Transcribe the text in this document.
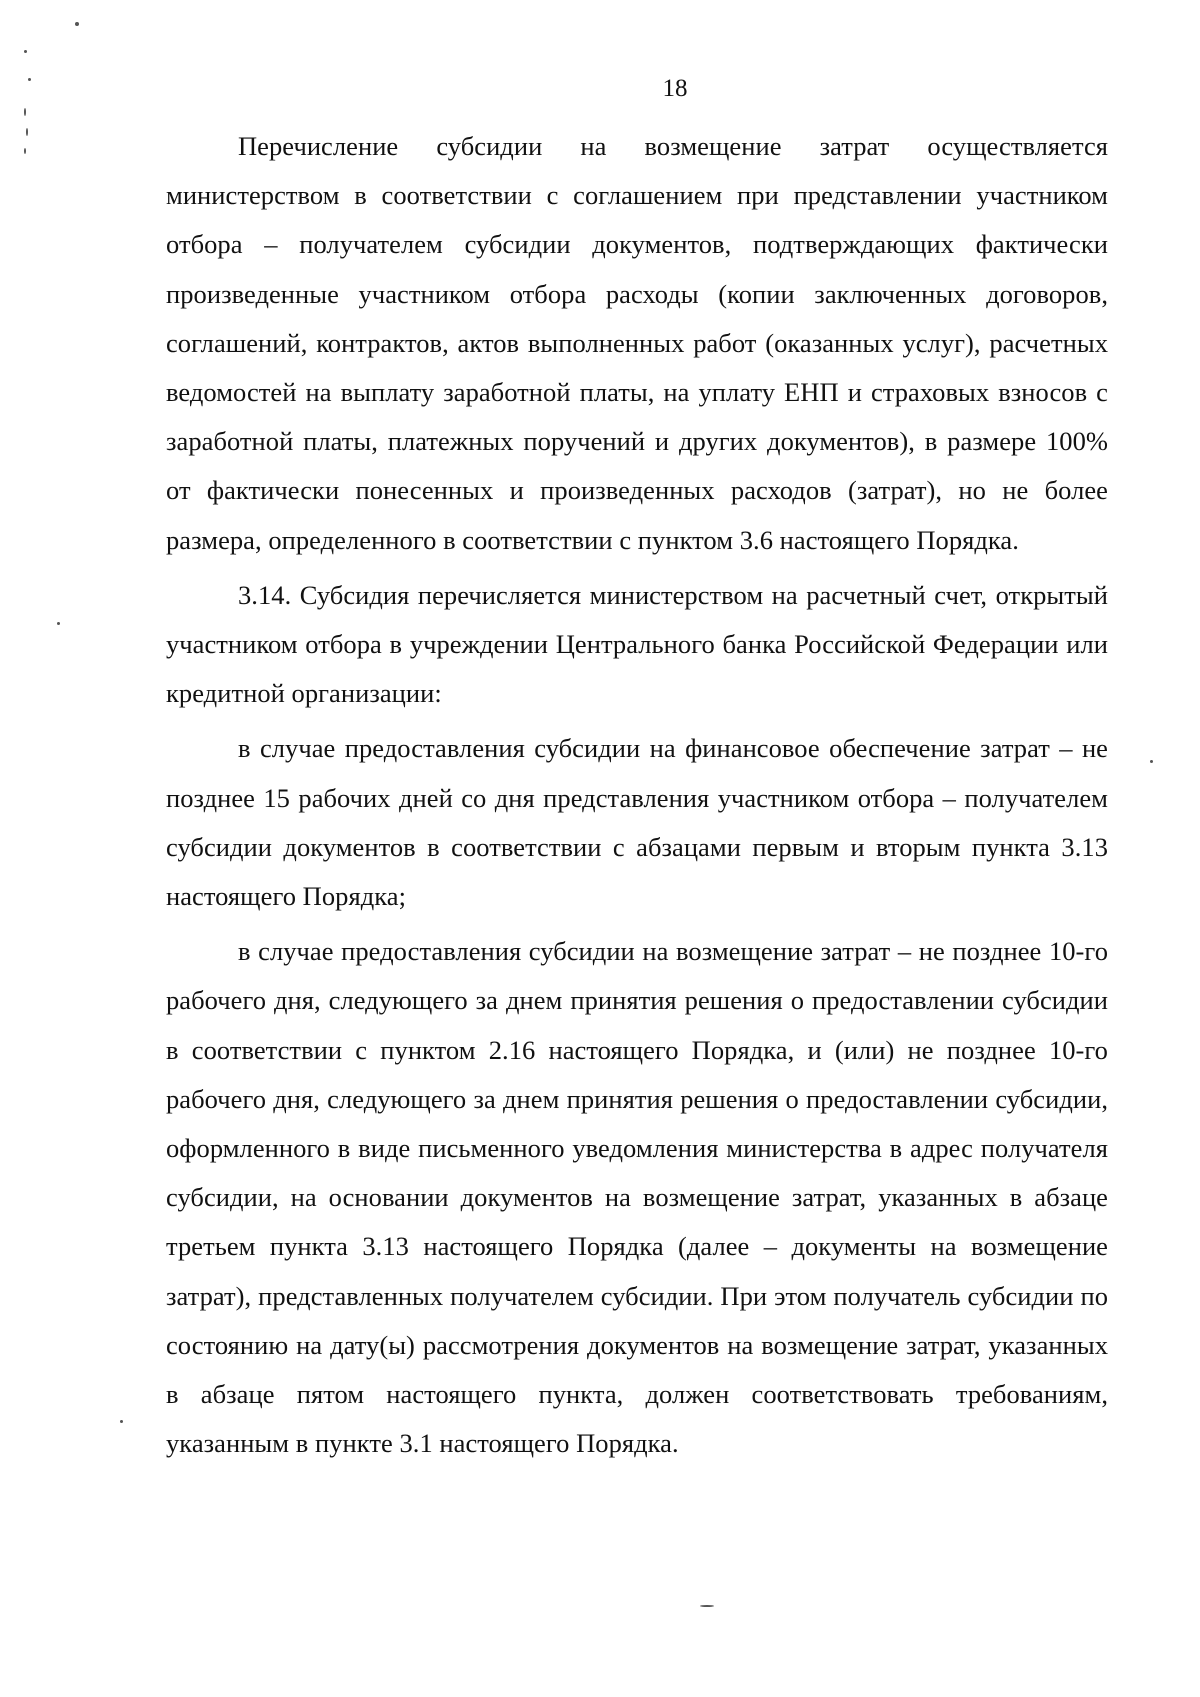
18

Перечисление субсидии на возмещение затрат осуществляется министерством в соответствии с соглашением при представлении участником отбора – получателем субсидии документов, подтверждающих фактически произведенные участником отбора расходы (копии заключенных договоров, соглашений, контрактов, актов выполненных работ (оказанных услуг), расчетных ведомостей на выплату заработной платы, на уплату ЕНП и страховых взносов с заработной платы, платежных поручений и других документов), в размере 100% от фактически понесенных и произведенных расходов (затрат), но не более размера, определенного в соответствии с пунктом 3.6 настоящего Порядка.

3.14. Субсидия перечисляется министерством на расчетный счет, открытый участником отбора в учреждении Центрального банка Российской Федерации или кредитной организации:

в случае предоставления субсидии на финансовое обеспечение затрат – не позднее 15 рабочих дней со дня представления участником отбора – получателем субсидии документов в соответствии с абзацами первым и вторым пункта 3.13 настоящего Порядка;

в случае предоставления субсидии на возмещение затрат – не позднее 10-го рабочего дня, следующего за днем принятия решения о предоставлении субсидии в соответствии с пунктом 2.16 настоящего Порядка, и (или) не позднее 10-го рабочего дня, следующего за днем принятия решения о предоставлении субсидии, оформленного в виде письменного уведомления министерства в адрес получателя субсидии, на основании документов на возмещение затрат, указанных в абзаце третьем пункта 3.13 настоящего Порядка (далее – документы на возмещение затрат), представленных получателем субсидии. При этом получатель субсидии по состоянию на дату(ы) рассмотрения документов на возмещение затрат, указанных в абзаце пятом настоящего пункта, должен соответствовать требованиям, указанным в пункте 3.1 настоящего Порядка.
